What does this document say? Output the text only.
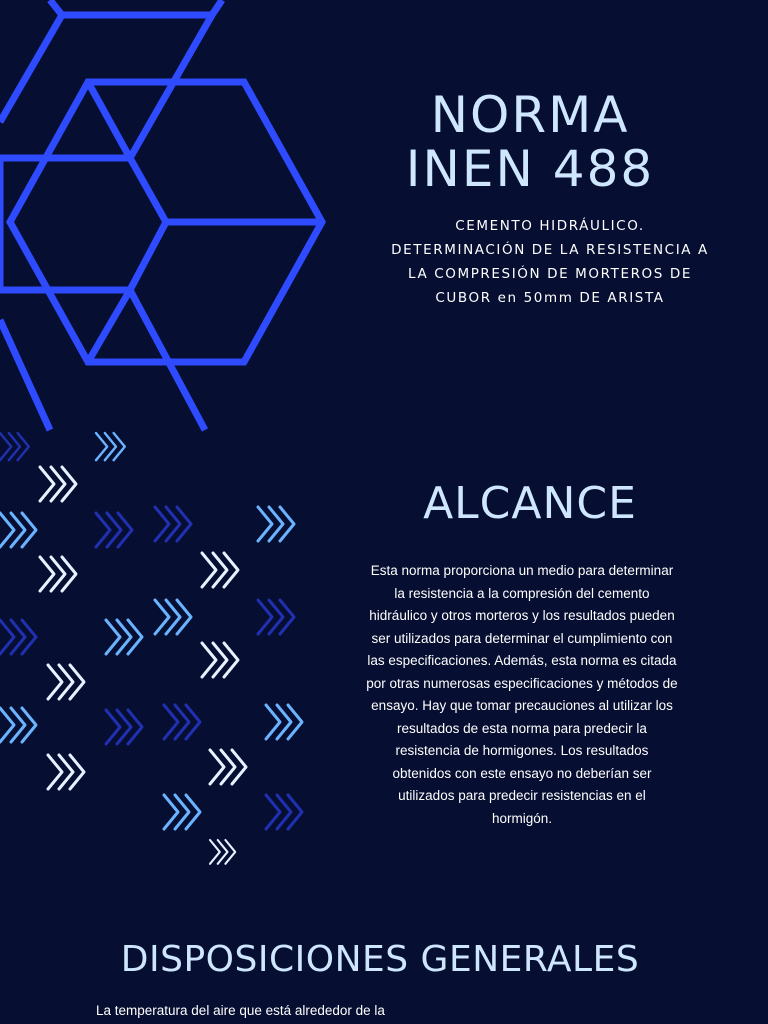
NORMA
INEN 488

CEMENTO HIDRÁULICO.
DETERMINACIÓN DE LA RESISTENCIA A
LA COMPRESIÓN DE MORTEROS DE
CUBOR en 50mm DE ARISTA

ALCANCE

Esta norma proporciona un medio para determinar
la resistencia a la compresión del cemento
hidráulico y otros morteros y los resultados pueden
ser utilizados para determinar el cumplimiento con
las especificaciones. Además, esta norma es citada
por otras numerosas especificaciones y métodos de
ensayo. Hay que tomar precauciones al utilizar los
resultados de esta norma para predecir la
resistencia de hormigones. Los resultados
obtenidos con este ensayo no deberían ser
utilizados para predecir resistencias en el
hormigón.

DISPOSICIONES GENERALES

La temperatura del aire que está alrededor de la
